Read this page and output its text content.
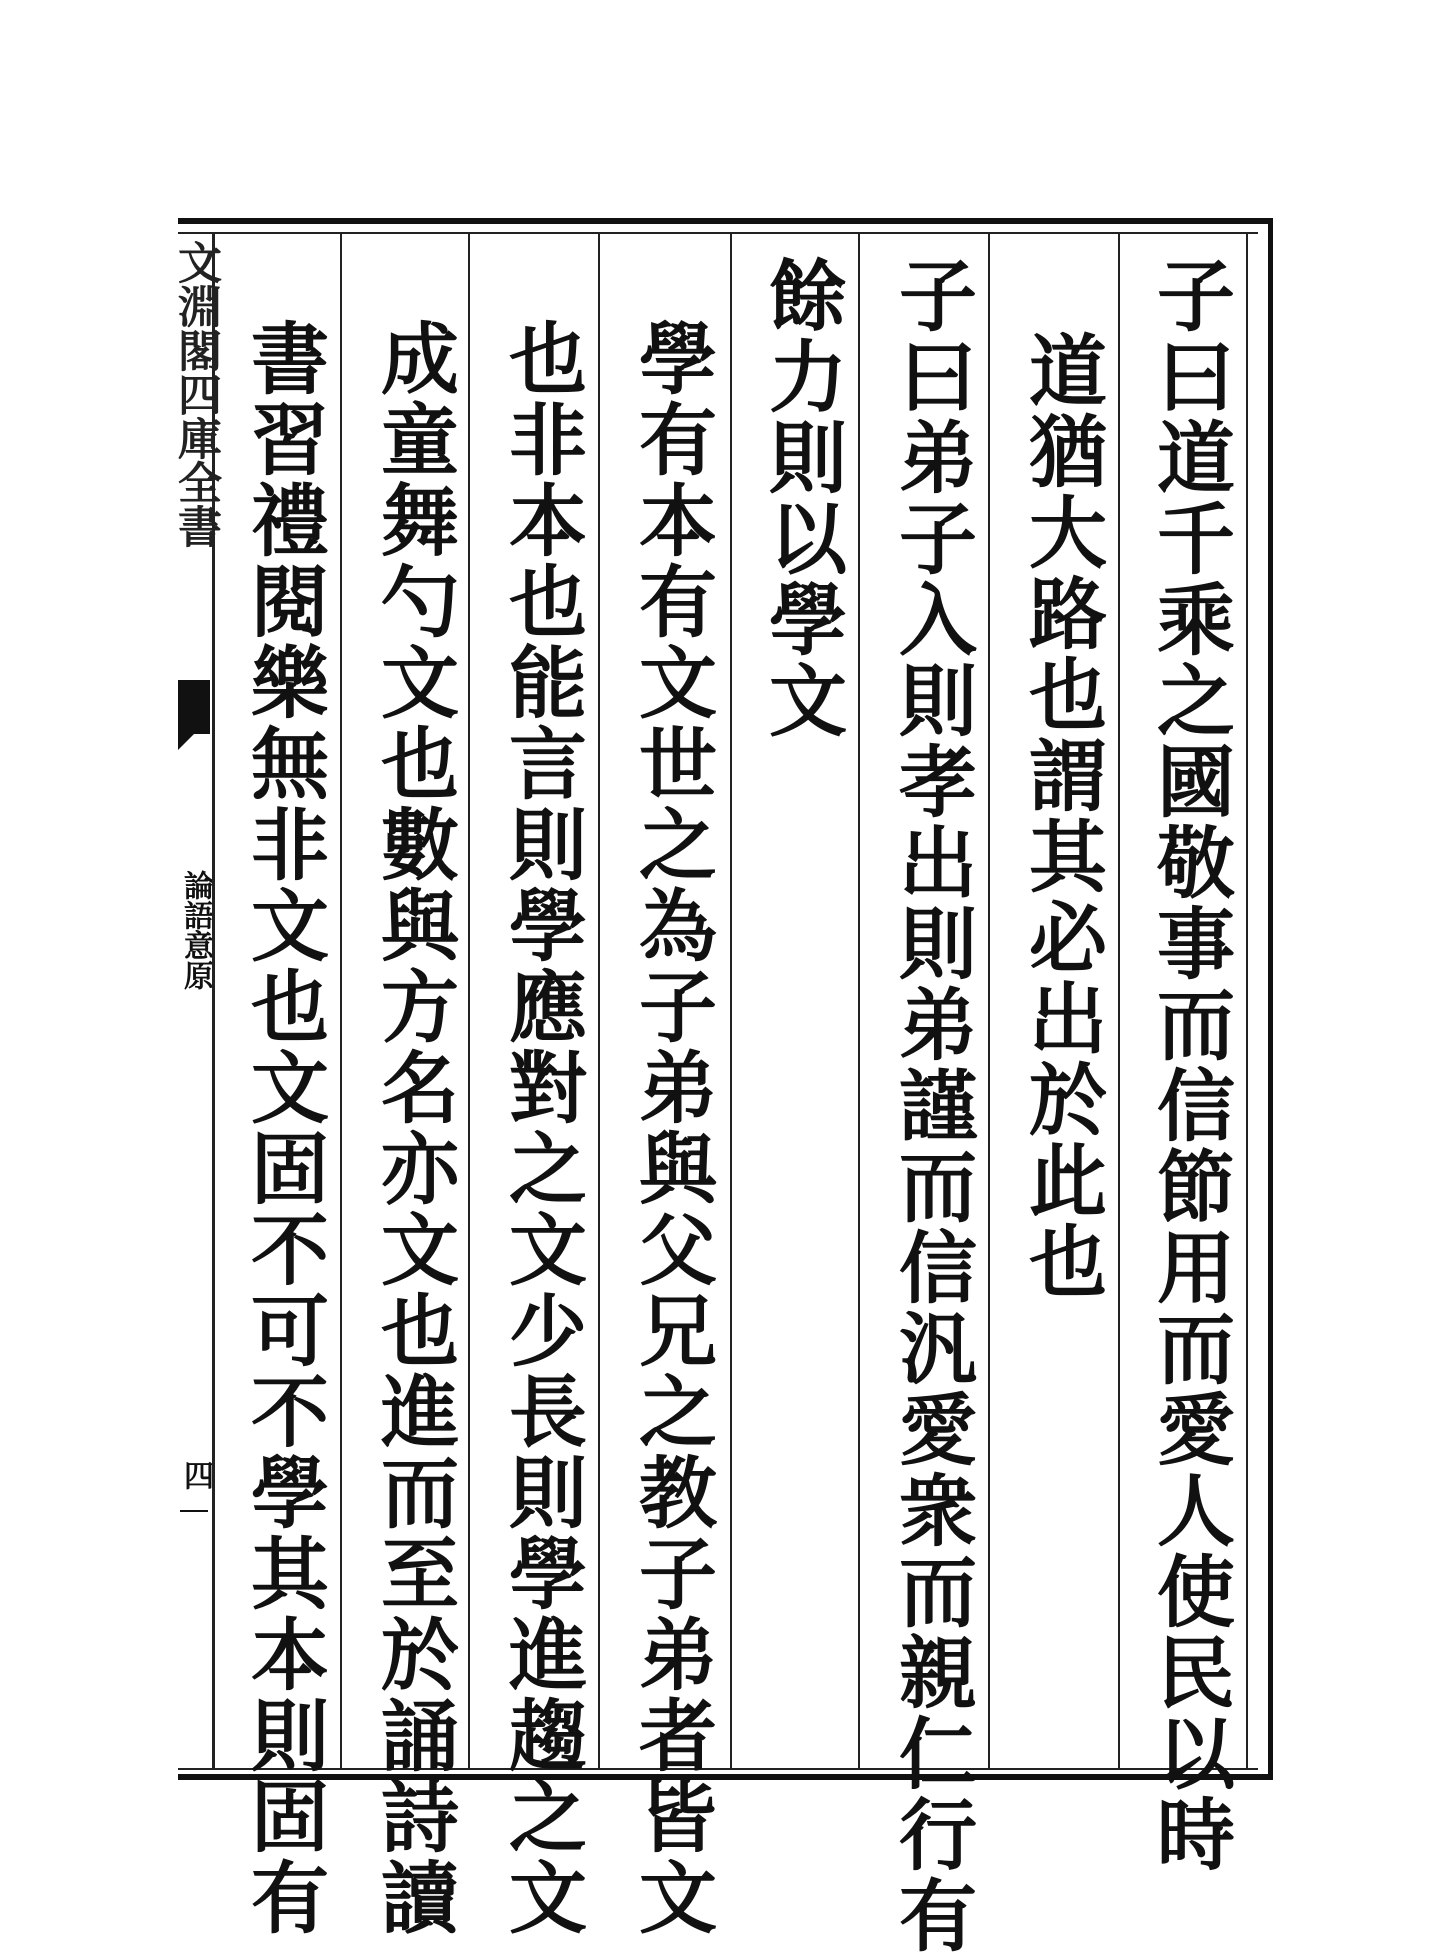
文淵閣四庫全書
論語意原
四	子曰道千乘之國敬事而信節用而愛人使民以時
道猶大路也謂其必出於此也
子曰弟子入則孝出則弟謹而信汎愛衆而親仁行有
餘力則以學文
學有本有文世之為子弟與父兄之教子弟者皆文
也非本也能言則學應對之文少長則學進趨之文
成童舞勺文也數與方名亦文也進而至於誦詩讀
書習禮閱樂無非文也文固不可不學其本則固有
